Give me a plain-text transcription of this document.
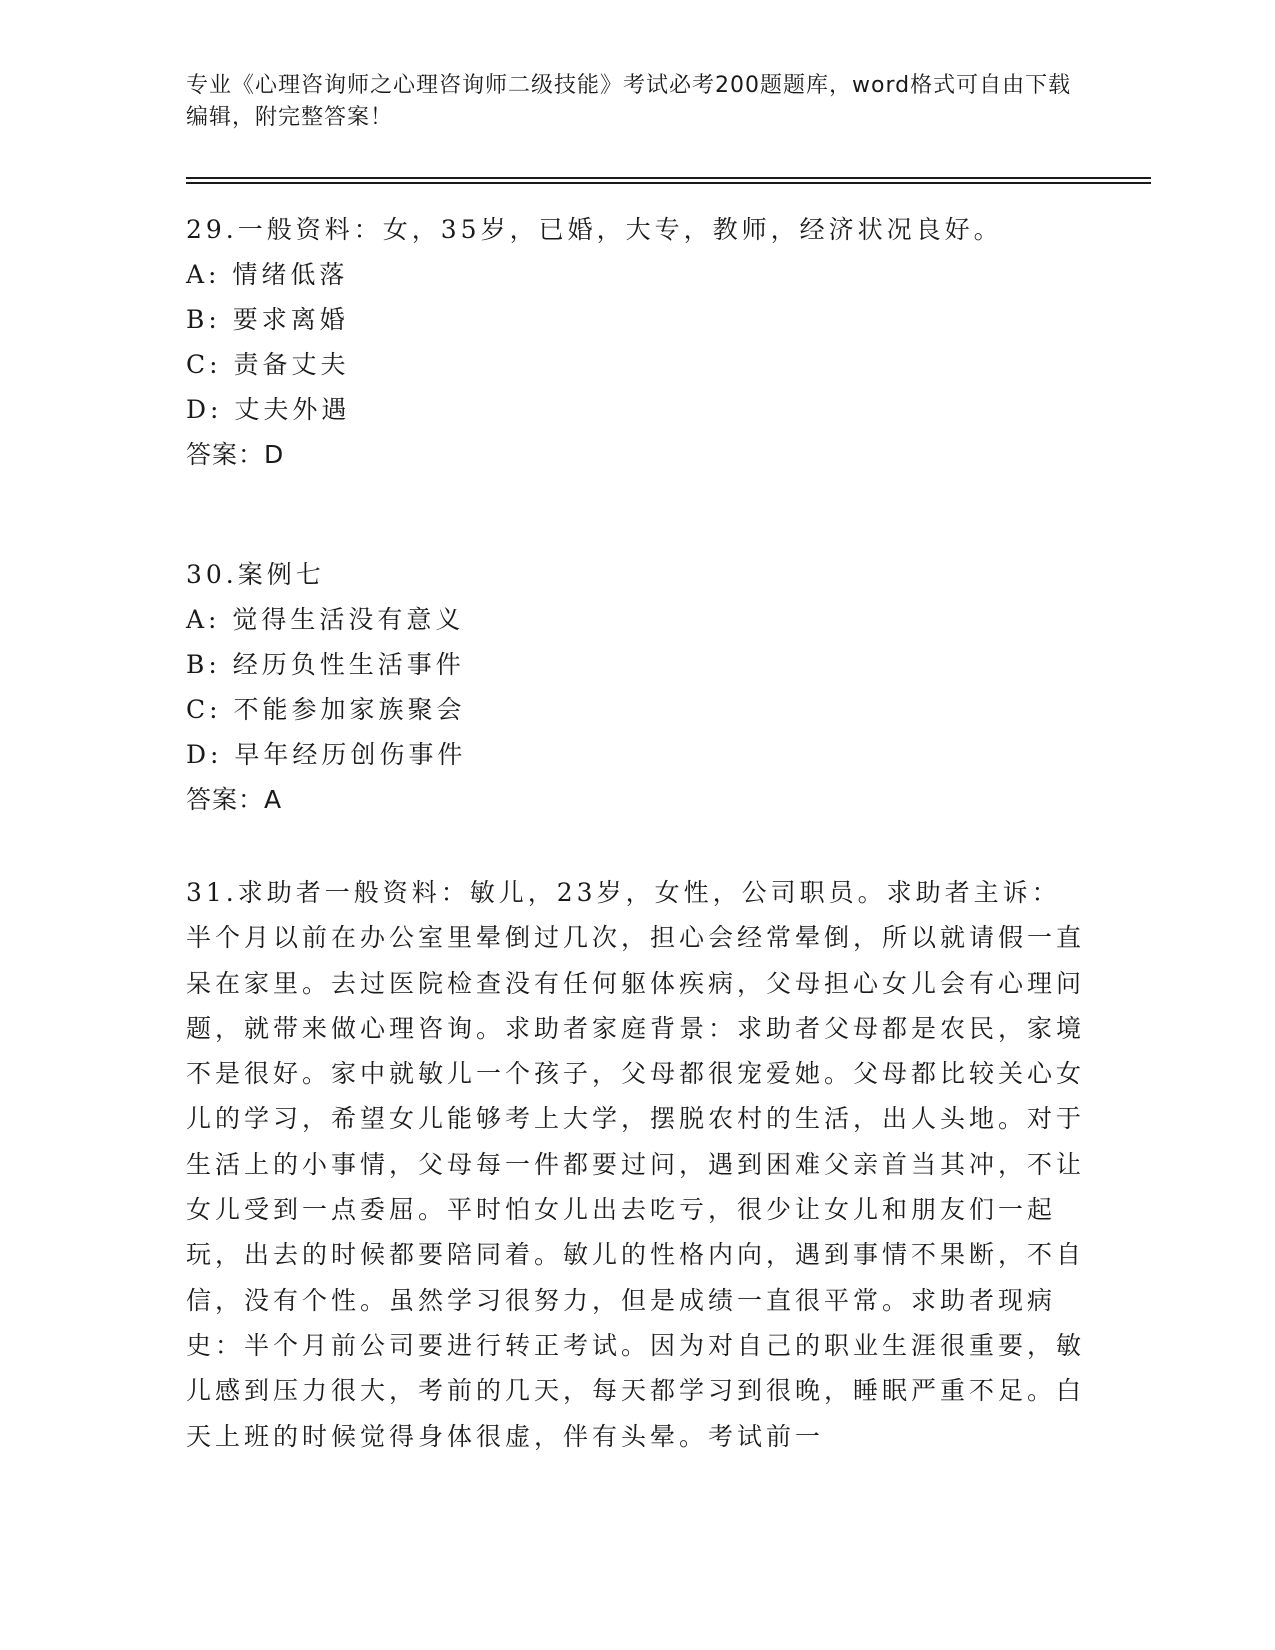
专业《心理咨询师之心理咨询师二级技能》考试必考200题题库，word格式可自由下载编辑，附完整答案！
29.一般资料：女，35岁，已婚，大专，教师，经济状况良好。
A: 情绪低落
B: 要求离婚
C: 责备丈夫
D: 丈夫外遇
答案：D
30.案例七
A: 觉得生活没有意义
B: 经历负性生活事件
C: 不能参加家族聚会
D: 早年经历创伤事件
答案：A
31.求助者一般资料：敏儿，23岁，女性，公司职员。求助者主诉：半个月以前在办公室里晕倒过几次，担心会经常晕倒，所以就请假一直呆在家里。去过医院检查没有任何躯体疾病，父母担心女儿会有心理问题，就带来做心理咨询。求助者家庭背景：求助者父母都是农民，家境不是很好。家中就敏儿一个孩子，父母都很宠爱她。父母都比较关心女儿的学习，希望女儿能够考上大学，摆脱农村的生活，出人头地。对于生活上的小事情，父母每一件都要过问，遇到困难父亲首当其冲，不让女儿受到一点委屈。平时怕女儿出去吃亏，很少让女儿和朋友们一起玩，出去的时候都要陪同着。敏儿的性格内向，遇到事情不果断，不自信，没有个性。虽然学习很努力，但是成绩一直很平常。求助者现病史：半个月前公司要进行转正考试。因为对自己的职业生涯很重要，敏儿感到压力很大，考前的几天，每天都学习到很晚，睡眠严重不足。白天上班的时候觉得身体很虚，伴有头晕。考试前一
